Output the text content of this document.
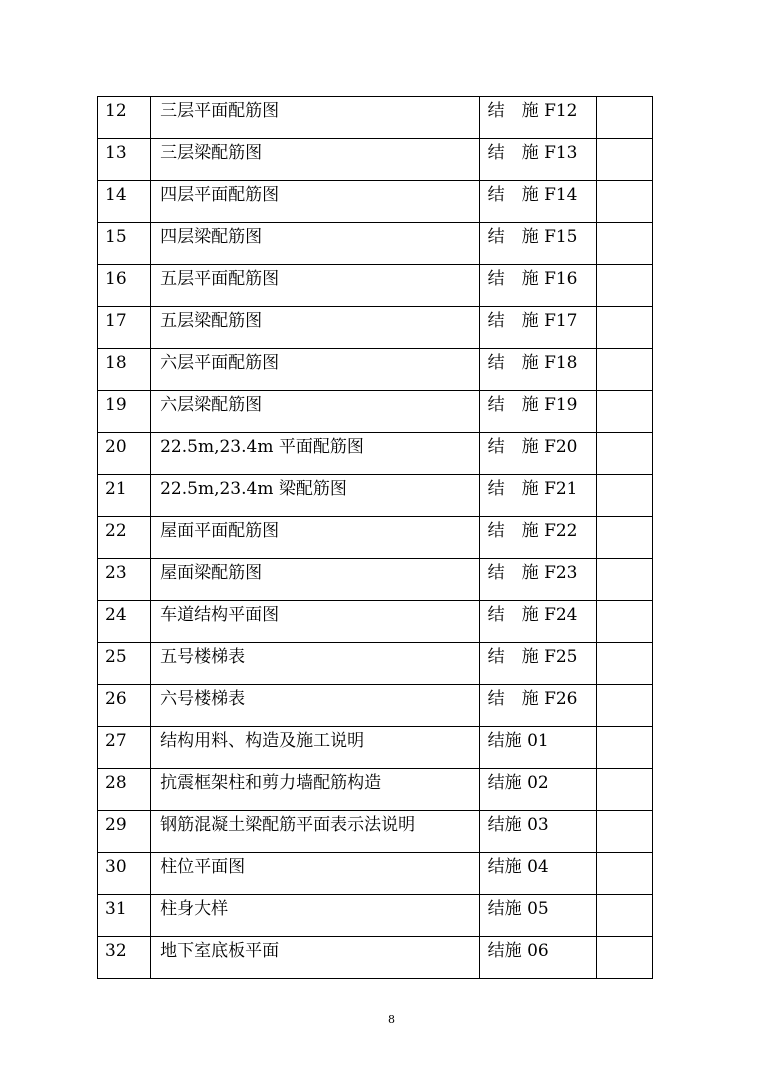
12	三层平面配筋图	结　施 F12	

13	三层梁配筋图	结　施 F13	

14	四层平面配筋图	结　施 F14	

15	四层梁配筋图	结　施 F15	

16	五层平面配筋图	结　施 F16	

17	五层梁配筋图	结　施 F17	

18	六层平面配筋图	结　施 F18	

19	六层梁配筋图	结　施 F19	

20	22.5m,23.4m 平面配筋图	结　施 F20	

21	22.5m,23.4m 梁配筋图	结　施 F21	

22	屋面平面配筋图	结　施 F22	

23	屋面梁配筋图	结　施 F23	

24	车道结构平面图	结　施 F24	

25	五号楼梯表	结　施 F25	

26	六号楼梯表	结　施 F26	

27	结构用料、构造及施工说明	结施 01	

28	抗震框架柱和剪力墙配筋构造	结施 02	

29	钢筋混凝土梁配筋平面表示法说明	结施 03	

30	柱位平面图	结施 04	

31	柱身大样	结施 05	

32	地下室底板平面	结施 06	

8
